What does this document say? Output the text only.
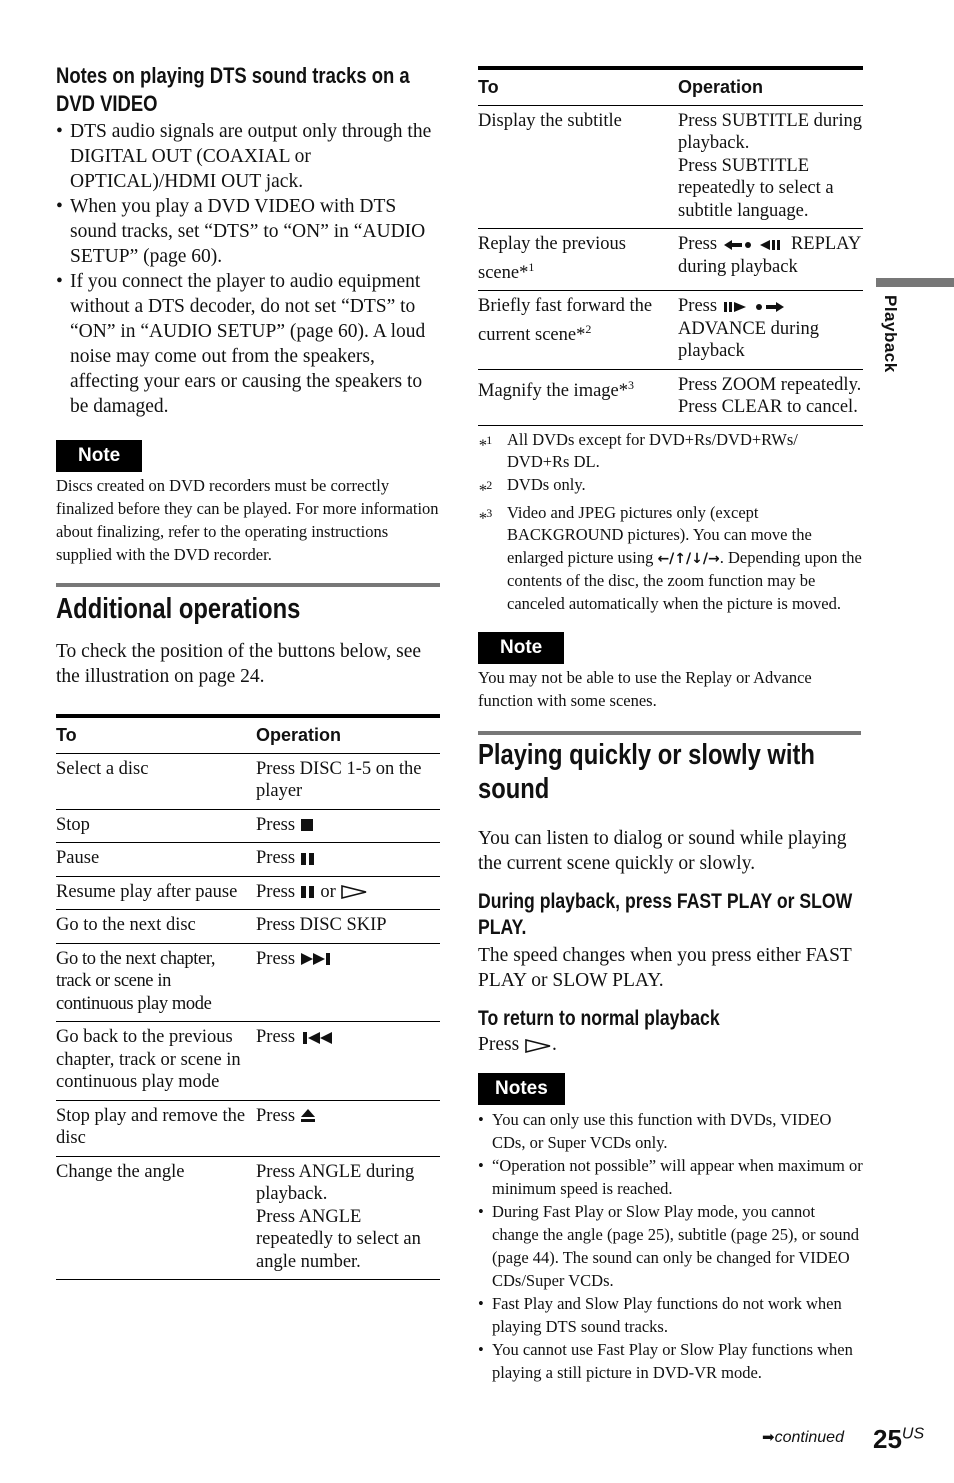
Notes on playing DTS sound tracks on a DVD VIDEO
• DTS audio signals are output only through the DIGITAL OUT (COAXIAL or OPTICAL)/HDMI OUT jack.
• When you play a DVD VIDEO with DTS sound tracks, set “DTS” to “ON” in “AUDIO SETUP” (page 60).
• If you connect the player to audio equipment without a DTS decoder, do not set “DTS” to “ON” in “AUDIO SETUP” (page 60). A loud noise may come out from the speakers, affecting your ears or causing the speakers to be damaged.
Note
Discs created on DVD recorders must be correctly finalized before they can be played. For more information about finalizing, refer to the operating instructions supplied with the DVD recorder.
Additional operations
To check the position of the buttons below, see the illustration on page 24.
To	Operation
Select a disc	Press DISC 1-5 on the player
Stop	Press
Pause	Press
Resume play after pause	Press or
Go to the next disc	Press DISC SKIP
Go to the next chapter, track or scene in continuous play mode	Press
Go back to the previous chapter, track or scene in continuous play mode	Press
Stop play and remove the disc	Press
Change the angle	Press ANGLE during playback.
Press ANGLE repeatedly to select an angle number.
To	Operation
Display the subtitle	Press SUBTITLE during playback.
Press SUBTITLE repeatedly to select a subtitle language.
Replay the previous scene*$^1$	Press REPLAY during playback
Briefly fast forward the current scene*$^2$	Press   ADVANCE during playback
Magnify the image*$^3$	Press ZOOM repeatedly. Press CLEAR to cancel.
*$^1$ All DVDs except for DVD+Rs/DVD+RWs/ DVD+Rs DL.
*$^2$ DVDs only.
*$^3$ Video and JPEG pictures only (except BACKGROUND pictures). You can move the enlarged picture using ←/↑/↓/→. Depending upon the contents of the disc, the zoom function may be canceled automatically when the picture is moved.
Note
You may not be able to use the Replay or Advance function with some scenes.
Playing quickly or slowly with sound
You can listen to dialog or sound while playing the current scene quickly or slowly.
During playback, press FAST PLAY or SLOW PLAY.
The speed changes when you press either FAST PLAY or SLOW PLAY.
To return to normal playback
Press .
Notes
• You can only use this function with DVDs, VIDEO CDs, or Super VCDs only.
• “Operation not possible” will appear when maximum or minimum speed is reached.
• During Fast Play or Slow Play mode, you cannot change the angle (page 25), subtitle (page 25), or sound (page 44). The sound can only be changed for VIDEO CDs/Super VCDs.
• Fast Play and Slow Play functions do not work when playing DTS sound tracks.
• You cannot use Fast Play or Slow Play functions when playing a still picture in DVD-VR mode.
Playback
➡continued $25^{US}$
